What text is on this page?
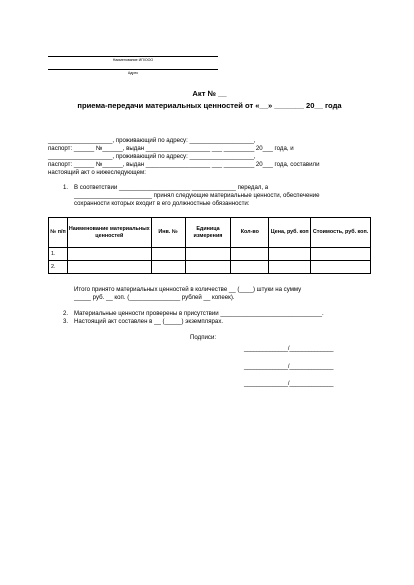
Наименование ИП/ООО
Адрес
Акт № __
приема-передачи материальных ценностей от «__» _______ 20__ года
___________________, проживающий по адресу: ___________________,
паспорт: ______ №______, выдан ___________________ ___ _________ 20___ года, и
___________________, проживающий по адресу: ___________________,
паспорт: ______ №______, выдан ___________________ ___ _________ 20___ года, составили
настоящий акт о нижеследующем:
1. В соответствии _____________________ _____________ передал, а
_______________________ принял следующие материальные ценности, обеспечение
сохранности которых входит в его должностные обязанности:
№ п/п	Наименование материальных ценностей	Инв. №	Единица измерения	Кол-во	Цена, руб. коп	Стоимость, руб. коп.
1.						
2.						
Итого принято материальных ценностей в количестве __ (____) штуки на сумму
_____ руб. __ коп. (_______________ рублей __ копеек).
2. Материальные ценности проверены в присутствии ______________________________.
3. Настоящий акт составлен в __ (_____) экземплярах.
Подписи:
______________/______________
______________/______________
______________/______________
